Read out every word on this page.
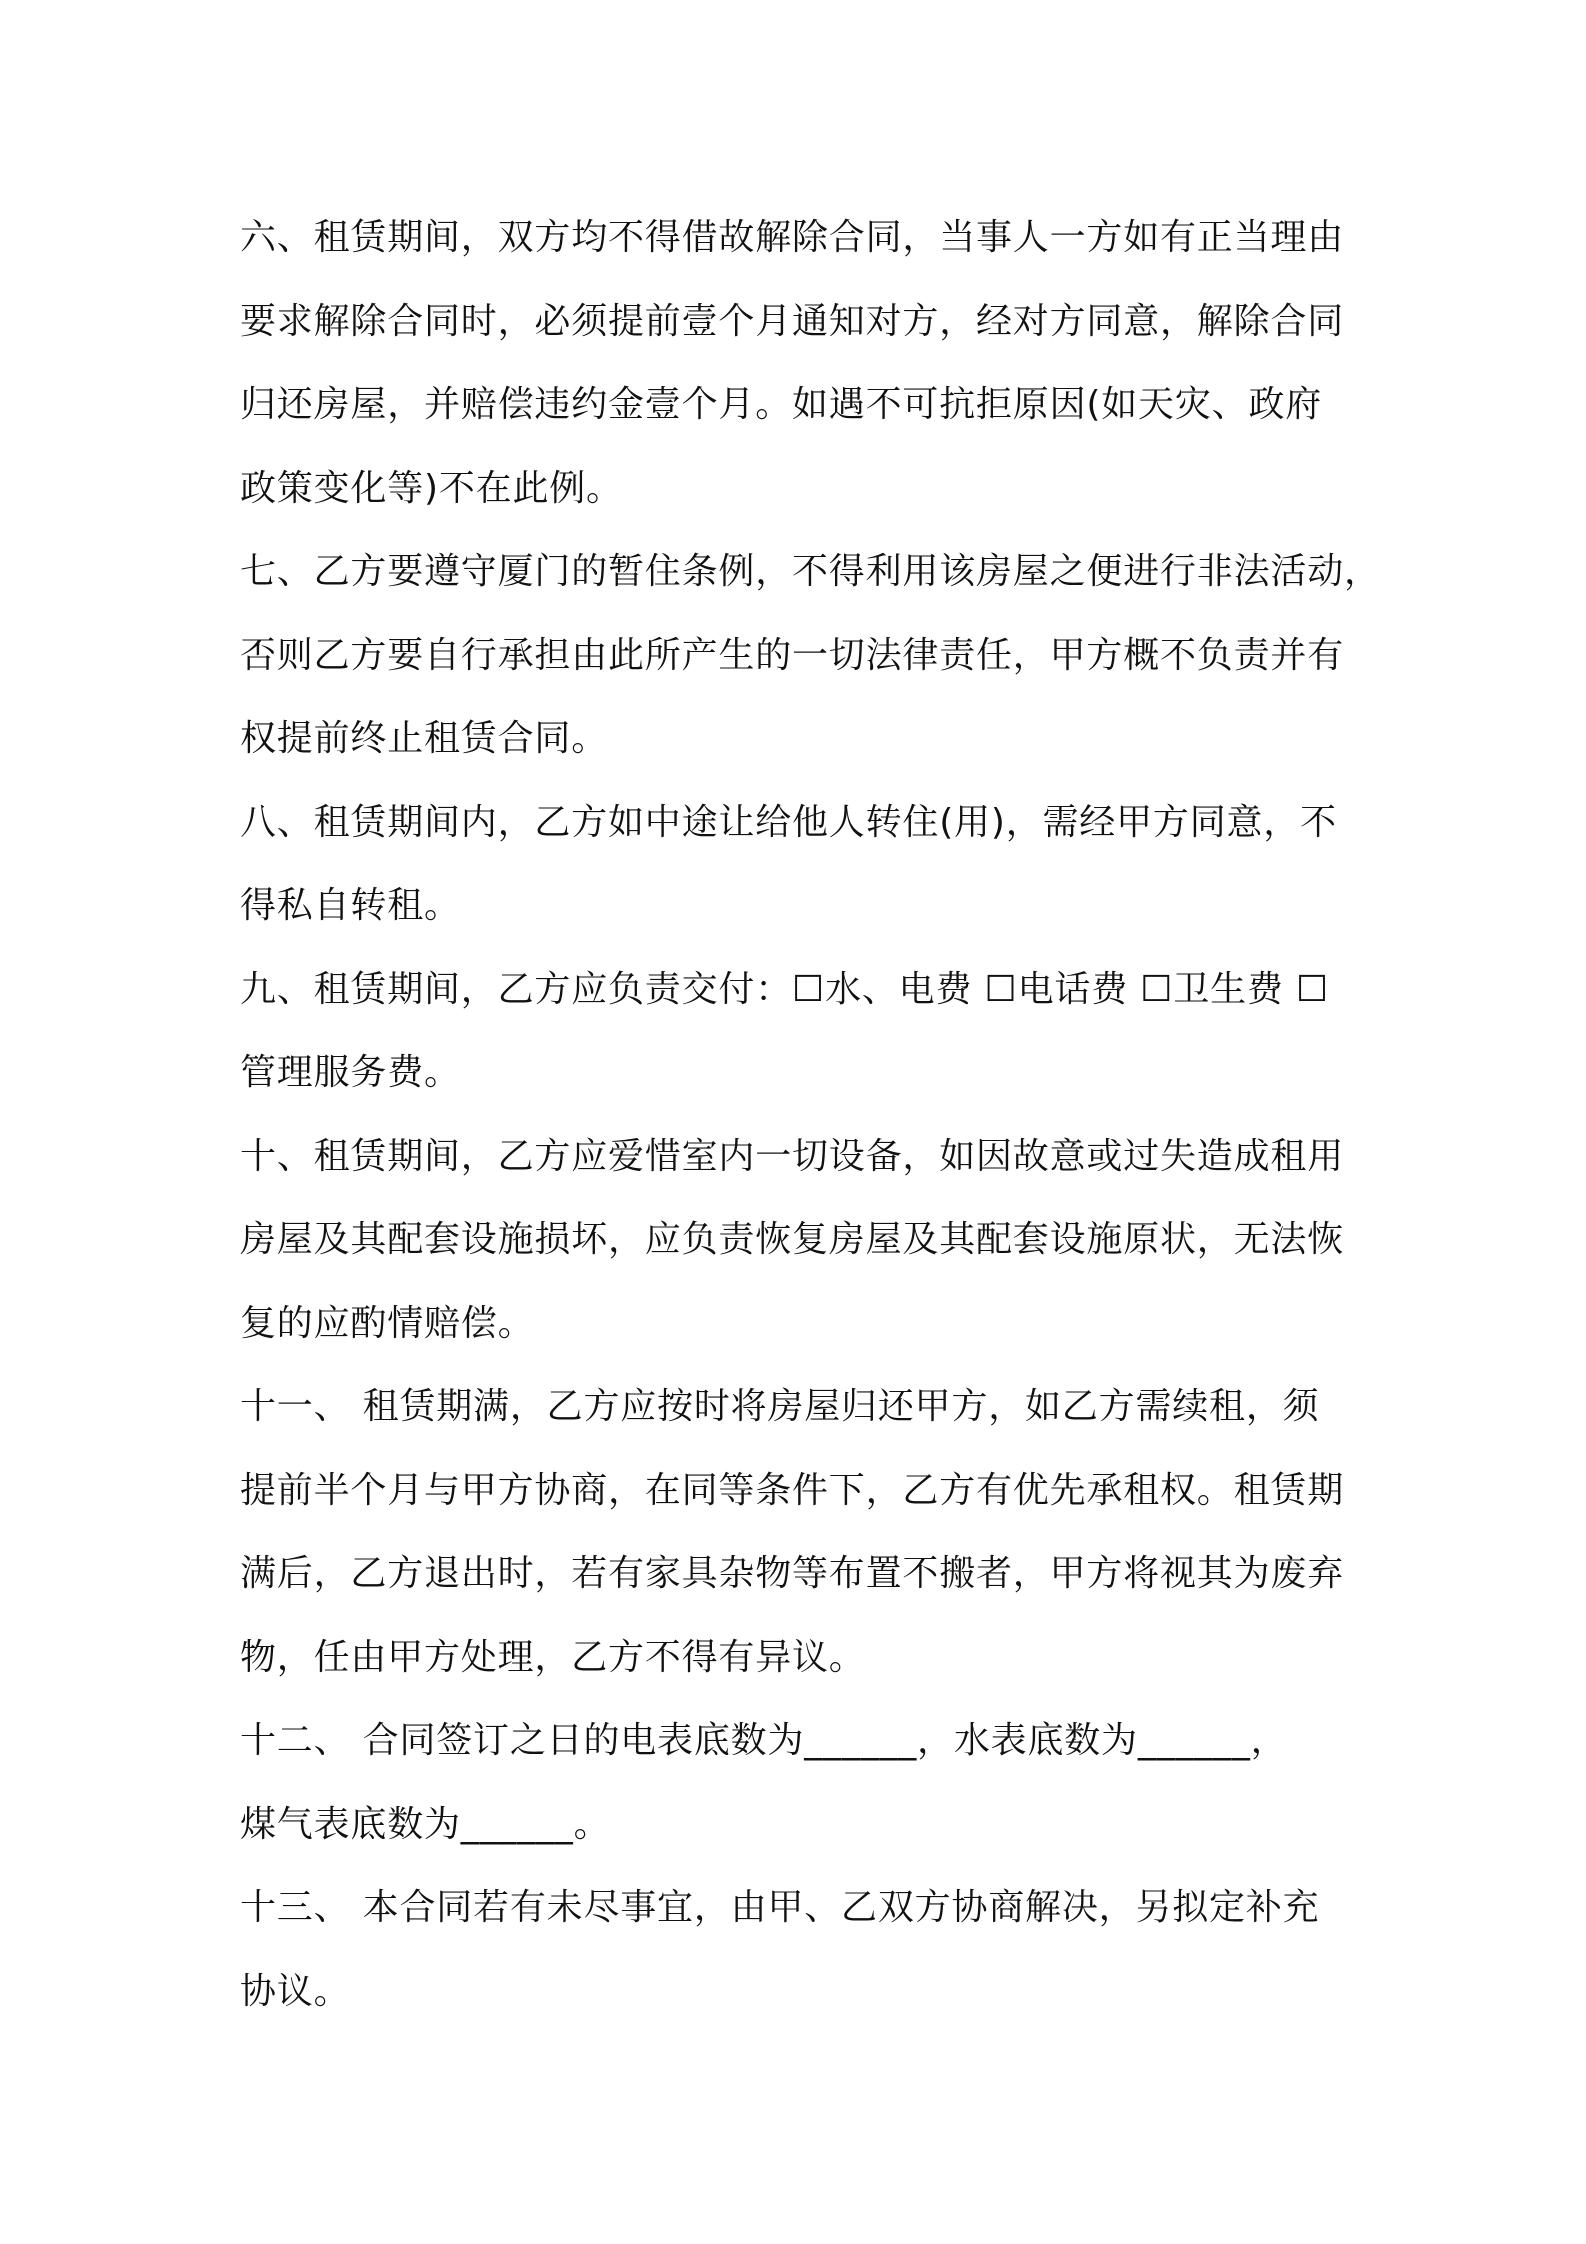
六、租赁期间，双方均不得借故解除合同，当事人一方如有正当理由
要求解除合同时，必须提前壹个月通知对方，经对方同意，解除合同
归还房屋，并赔偿违约金壹个月。如遇不可抗拒原因(如天灾、政府
政策变化等)不在此例。

七、乙方要遵守厦门的暂住条例，不得利用该房屋之便进行非法活动，
否则乙方要自行承担由此所产生的一切法律责任，甲方概不负责并有
权提前终止租赁合同。

八、租赁期间内，乙方如中途让给他人转住(用)，需经甲方同意，不
得私自转租。

九、租赁期间，乙方应负责交付：☐水、电费 ☐电话费 ☐卫生费 ☐
管理服务费。

十、租赁期间，乙方应爱惜室内一切设备，如因故意或过失造成租用
房屋及其配套设施损坏，应负责恢复房屋及其配套设施原状，无法恢
复的应酌情赔偿。

十一、 租赁期满，乙方应按时将房屋归还甲方，如乙方需续租，须
提前半个月与甲方协商，在同等条件下，乙方有优先承租权。租赁期
满后，乙方退出时，若有家具杂物等布置不搬者，甲方将视其为废弃
物，任由甲方处理，乙方不得有异议。

十二、 合同签订之日的电表底数为______，水表底数为______，
煤气表底数为______。

十三、 本合同若有未尽事宜，由甲、乙双方协商解决，另拟定补充
协议。
